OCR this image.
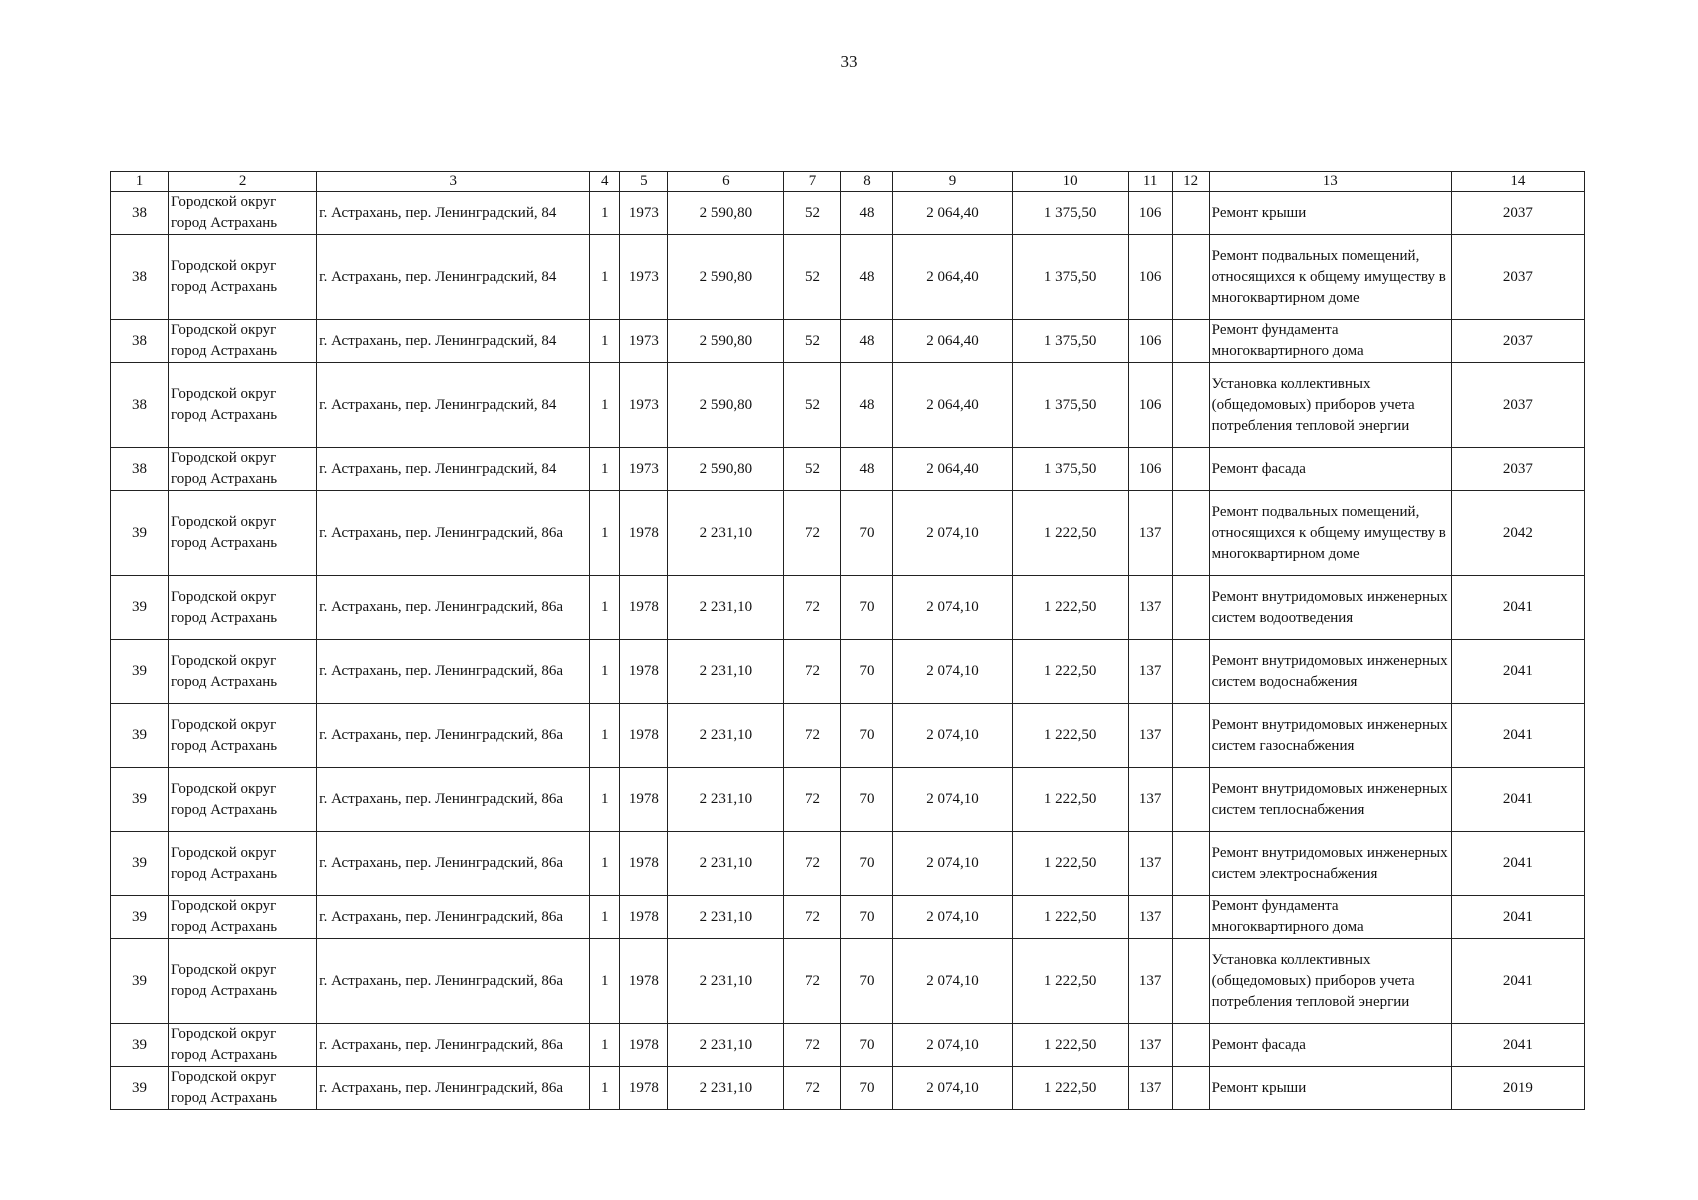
33
1	2	3	4	5	6	7	8	9	10	11	12	13	14
38	Городской округ город Астрахань	г. Астрахань, пер. Ленинградский, 84	1	1973	2 590,80	52	48	2 064,40	1 375,50	106		Ремонт крыши	2037
38	Городской округ город Астрахань	г. Астрахань, пер. Ленинградский, 84	1	1973	2 590,80	52	48	2 064,40	1 375,50	106		Ремонт подвальных помещений, относящихся к общему имуществу в многоквартирном доме	2037
38	Городской округ город Астрахань	г. Астрахань, пер. Ленинградский, 84	1	1973	2 590,80	52	48	2 064,40	1 375,50	106		Ремонт фундамента многоквартирного дома	2037
38	Городской округ город Астрахань	г. Астрахань, пер. Ленинградский, 84	1	1973	2 590,80	52	48	2 064,40	1 375,50	106		Установка коллективных (общедомовых) приборов учета потребления тепловой энергии	2037
38	Городской округ город Астрахань	г. Астрахань, пер. Ленинградский, 84	1	1973	2 590,80	52	48	2 064,40	1 375,50	106		Ремонт фасада	2037
39	Городской округ город Астрахань	г. Астрахань, пер. Ленинградский, 86а	1	1978	2 231,10	72	70	2 074,10	1 222,50	137		Ремонт подвальных помещений, относящихся к общему имуществу в многоквартирном доме	2042
39	Городской округ город Астрахань	г. Астрахань, пер. Ленинградский, 86а	1	1978	2 231,10	72	70	2 074,10	1 222,50	137		Ремонт внутридомовых инженерных систем водоотведения	2041
39	Городской округ город Астрахань	г. Астрахань, пер. Ленинградский, 86а	1	1978	2 231,10	72	70	2 074,10	1 222,50	137		Ремонт внутридомовых инженерных систем водоснабжения	2041
39	Городской округ город Астрахань	г. Астрахань, пер. Ленинградский, 86а	1	1978	2 231,10	72	70	2 074,10	1 222,50	137		Ремонт внутридомовых инженерных систем газоснабжения	2041
39	Городской округ город Астрахань	г. Астрахань, пер. Ленинградский, 86а	1	1978	2 231,10	72	70	2 074,10	1 222,50	137		Ремонт внутридомовых инженерных систем теплоснабжения	2041
39	Городской округ город Астрахань	г. Астрахань, пер. Ленинградский, 86а	1	1978	2 231,10	72	70	2 074,10	1 222,50	137		Ремонт внутридомовых инженерных систем электроснабжения	2041
39	Городской округ город Астрахань	г. Астрахань, пер. Ленинградский, 86а	1	1978	2 231,10	72	70	2 074,10	1 222,50	137		Ремонт фундамента многоквартирного дома	2041
39	Городской округ город Астрахань	г. Астрахань, пер. Ленинградский, 86а	1	1978	2 231,10	72	70	2 074,10	1 222,50	137		Установка коллективных (общедомовых) приборов учета потребления тепловой энергии	2041
39	Городской округ город Астрахань	г. Астрахань, пер. Ленинградский, 86а	1	1978	2 231,10	72	70	2 074,10	1 222,50	137		Ремонт фасада	2041
39	Городской округ город Астрахань	г. Астрахань, пер. Ленинградский, 86а	1	1978	2 231,10	72	70	2 074,10	1 222,50	137		Ремонт крыши	2019
